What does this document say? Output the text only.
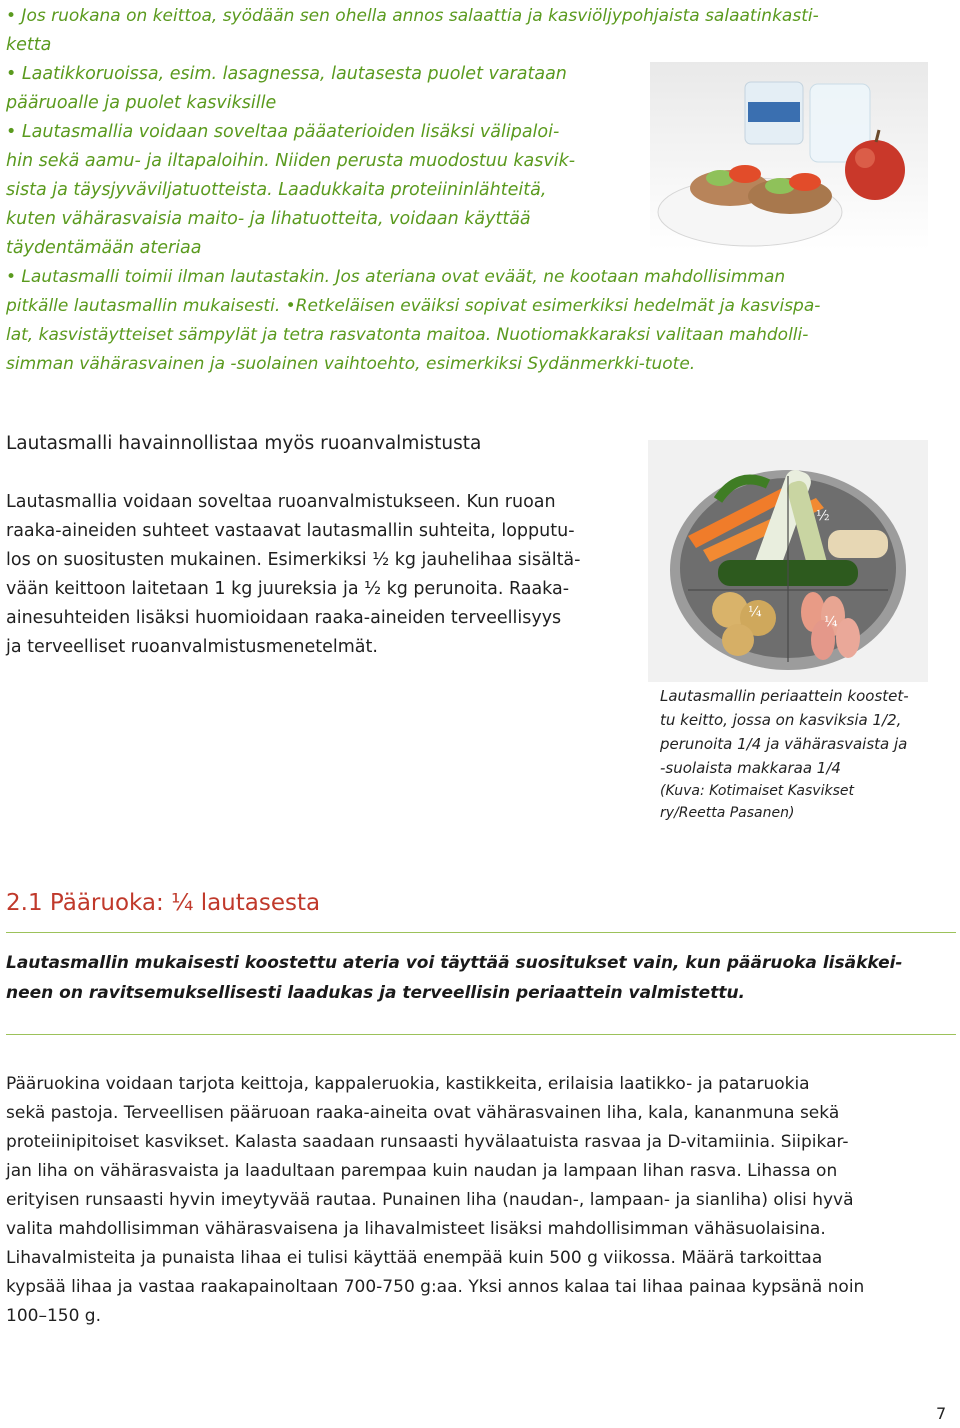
• Jos ruokana on keittoa, syödään sen ohella annos salaattia ja kasviöljypohjaista salaatinkasti-
ketta
• Laatikkoruoissa, esim. lasagnessa, lautasesta puolet varataan
pääruoalle ja puolet kasviksille
• Lautasmallia voidaan soveltaa pääaterioiden lisäksi välipaloi-
hin sekä aamu- ja iltapaloihin. Niiden perusta muodostuu kasvik-
sista ja täysjyväviljatuotteista. Laadukkaita proteiininlähteitä,
kuten vähärasvaisia maito- ja lihatuotteita, voidaan käyttää
täydentämään ateriaa
• Lautasmalli toimii ilman lautastakin. Jos ateriana ovat eväät, ne kootaan mahdollisimman
pitkälle lautasmallin mukaisesti. •Retkeläisen eväiksi sopivat esimerkiksi hedelmät ja kasvispa-
lat, kasvistäytteiset sämpylät ja tetra rasvatonta maitoa. Nuotiomakkaraksi valitaan mahdolli-
simman vähärasvainen ja -suolainen vaihtoehto, esimerkiksi Sydänmerkki-tuote.
Lautasmalli havainnollistaa myös ruoanvalmistusta
Lautasmallia voidaan soveltaa ruoanvalmistukseen. Kun ruoan
raaka-aineiden suhteet vastaavat lautasmallin suhteita, lopputu-
los on suositusten mukainen. Esimerkiksi ½ kg jauhelihaa sisältä-
vään keittoon laitetaan 1 kg juureksia ja ½ kg perunoita. Raaka-
ainesuhteiden lisäksi huomioidaan raaka-aineiden terveellisyys
ja terveelliset ruoanvalmistusmenetelmät.
½
¼
¼
Lautasmallin periaattein koostet-
tu keitto, jossa on kasviksia 1/2,
perunoita 1/4 ja vähärasvaista ja
-suolaista makkaraa 1/4
(Kuva: Kotimaiset Kasvikset
ry/Reetta Pasanen)
2.1 Pääruoka: ¼ lautasesta
Lautasmallin mukaisesti koostettu ateria voi täyttää suositukset vain, kun pääruoka lisäkkei-
neen on ravitsemuksellisesti laadukas ja terveellisin periaattein valmistettu.
Pääruokina voidaan tarjota keittoja, kappaleruokia, kastikkeita, erilaisia laatikko- ja pataruokia
sekä pastoja. Terveellisen pääruoan raaka-aineita ovat vähärasvainen liha, kala, kananmuna sekä
proteiinipitoiset kasvikset. Kalasta saadaan runsaasti hyvälaatuista rasvaa ja D-vitamiinia. Siipikar-
jan liha on vähärasvaista ja laadultaan parempaa kuin naudan ja lampaan lihan rasva. Lihassa on
erityisen runsaasti hyvin imeytyvää rautaa. Punainen liha (naudan-, lampaan- ja sianliha) olisi hyvä
valita mahdollisimman vähärasvaisena ja lihavalmisteet lisäksi mahdollisimman vähäsuolaisina.
Lihavalmisteita ja punaista lihaa ei tulisi käyttää enempää kuin 500 g viikossa. Määrä tarkoittaa
kypsää lihaa ja vastaa raakapainoltaan 700-750 g:aa. Yksi annos kalaa tai lihaa painaa kypsänä noin
100–150 g.
7
